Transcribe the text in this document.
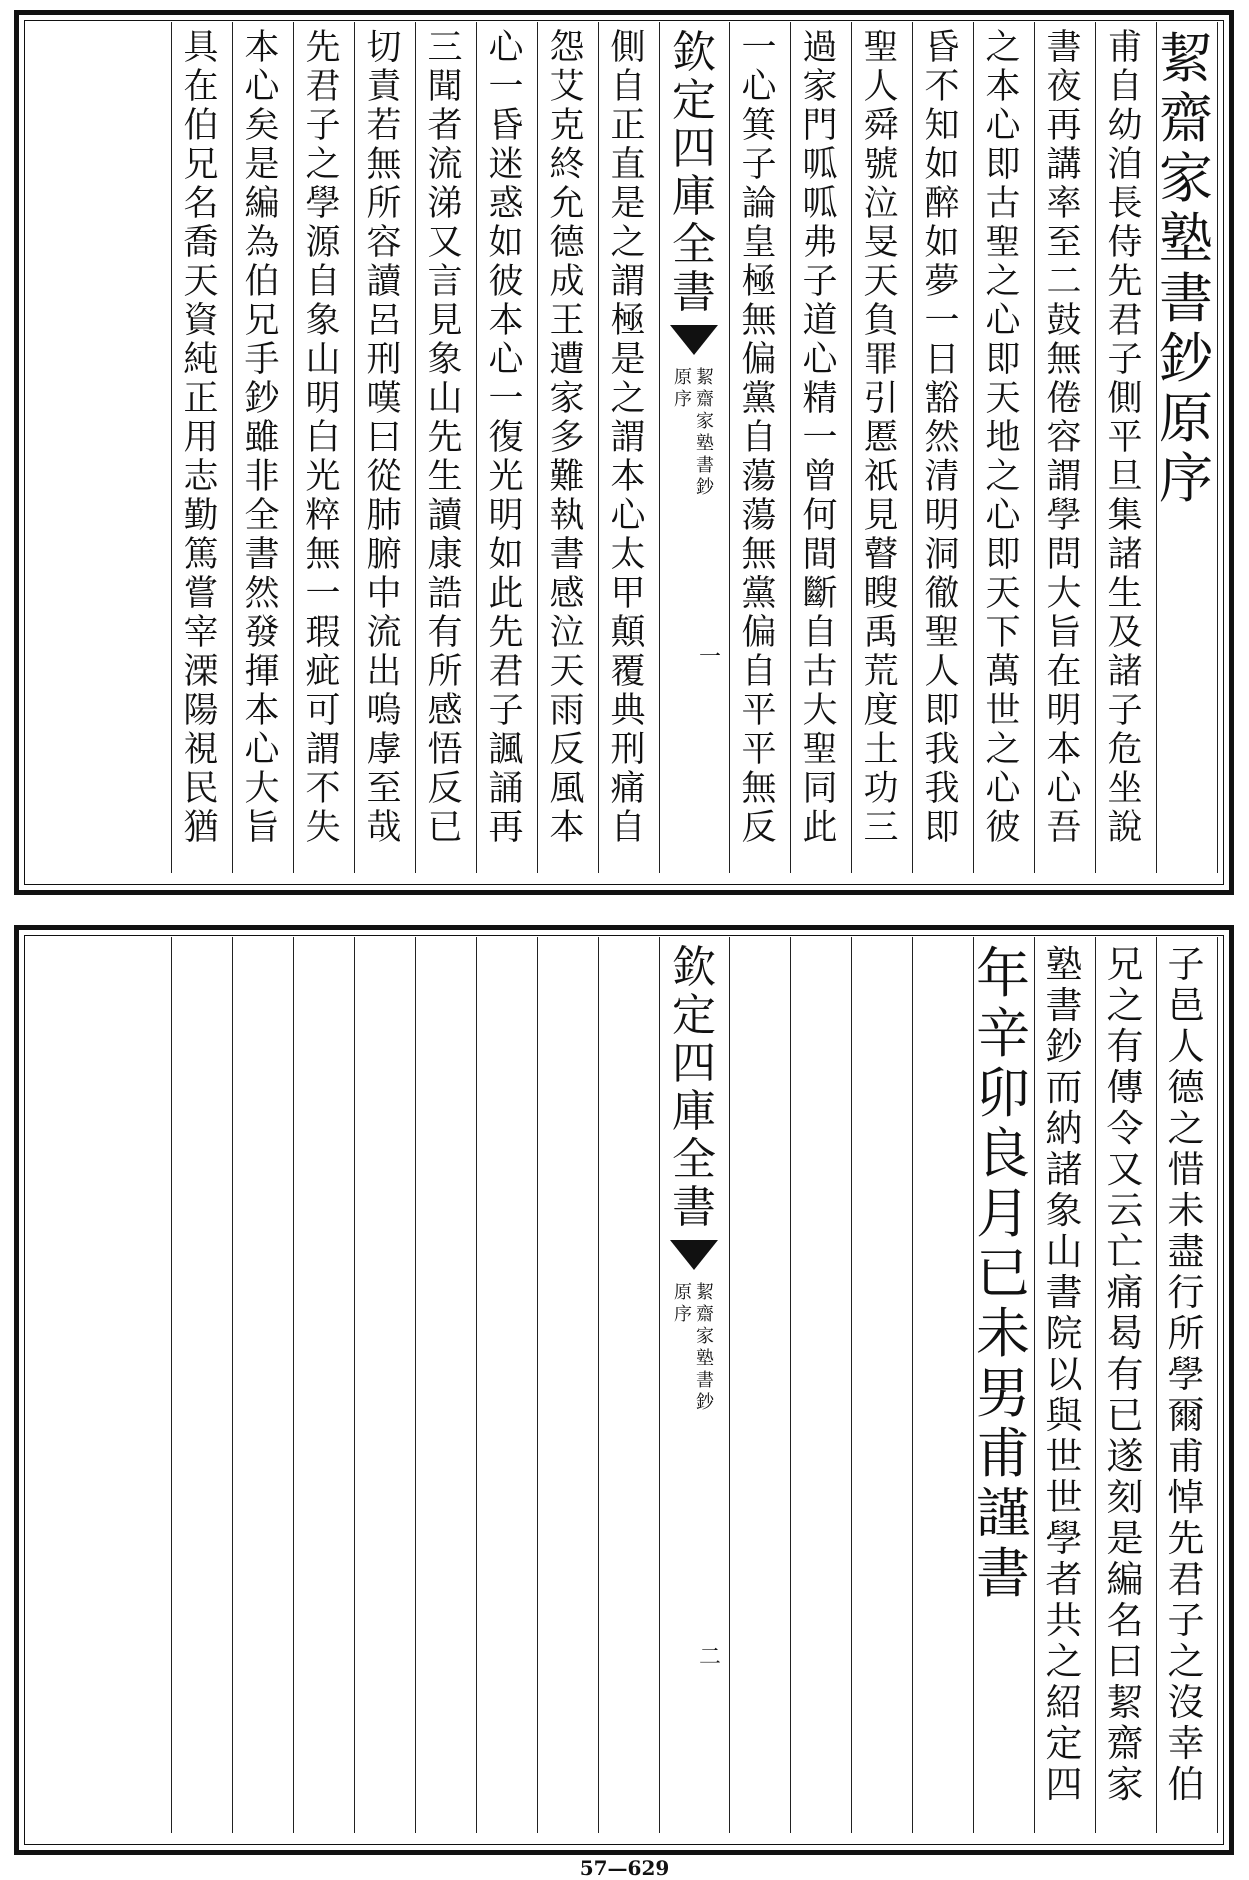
絜
齋
家
塾
書
鈔
原
序
甫
自
幼
洎
長
侍
先
君
子
側
平
旦
集
諸
生
及
諸
子
危
坐
說
書
夜
再
講
率
至
二
鼓
無
倦
容
謂
學
問
大
旨
在
明
本
心
吾
之
本
心
即
古
聖
之
心
即
天
地
之
心
即
天
下
萬
世
之
心
彼
昏
不
知
如
醉
如
夢
一
日
豁
然
清
明
洞
徹
聖
人
即
我
我
即
聖
人
舜
號
泣
旻
天
負
罪
引
慝
祇
見
瞽
瞍
禹
荒
度
土
功
三
過
家
門
呱
呱
弗
子
道
心
精
一
曾
何
間
斷
自
古
大
聖
同
此
一
心
箕
子
論
皇
極
無
偏
黨
自
蕩
蕩
無
黨
偏
自
平
平
無
反
側
自
正
直
是
之
謂
極
是
之
謂
本
心
太
甲
顛
覆
典
刑
痛
自
怨
艾
克
終
允
德
成
王
遭
家
多
難
執
書
感
泣
天
雨
反
風
本
心
一
昏
迷
惑
如
彼
本
心
一
復
光
明
如
此
先
君
子
諷
誦
再
三
聞
者
流
涕
又
言
見
象
山
先
生
讀
康
誥
有
所
感
悟
反
已
切
責
若
無
所
容
讀
呂
刑
嘆
曰
從
肺
腑
中
流
出
嗚
虖
至
哉
先
君
子
之
學
源
自
象
山
明
白
光
粹
無
一
瑕
疵
可
謂
不
失
本
心
矣
是
編
為
伯
兄
手
鈔
雖
非
全
書
然
發
揮
本
心
大
旨
具
在
伯
兄
名
喬
天
資
純
正
用
志
勤
篤
嘗
宰
溧
陽
視
民
猶
欽
定
四
庫
全
書
絜
齋
家
塾
書
鈔
原
序
一
子
邑
人
德
之
惜
未
盡
行
所
學
爾
甫
悼
先
君
子
之
沒
幸
伯
兄
之
有
傳
令
又
云
亡
痛
曷
有
已
遂
刻
是
編
名
曰
絜
齋
家
塾
書
鈔
而
納
諸
象
山
書
院
以
與
世
世
學
者
共
之
紹
定
四
年
辛
卯
良
月
已
未
男
甫
謹
書
欽
定
四
庫
全
書
絜
齋
家
塾
書
鈔
原
序
二
57—629
